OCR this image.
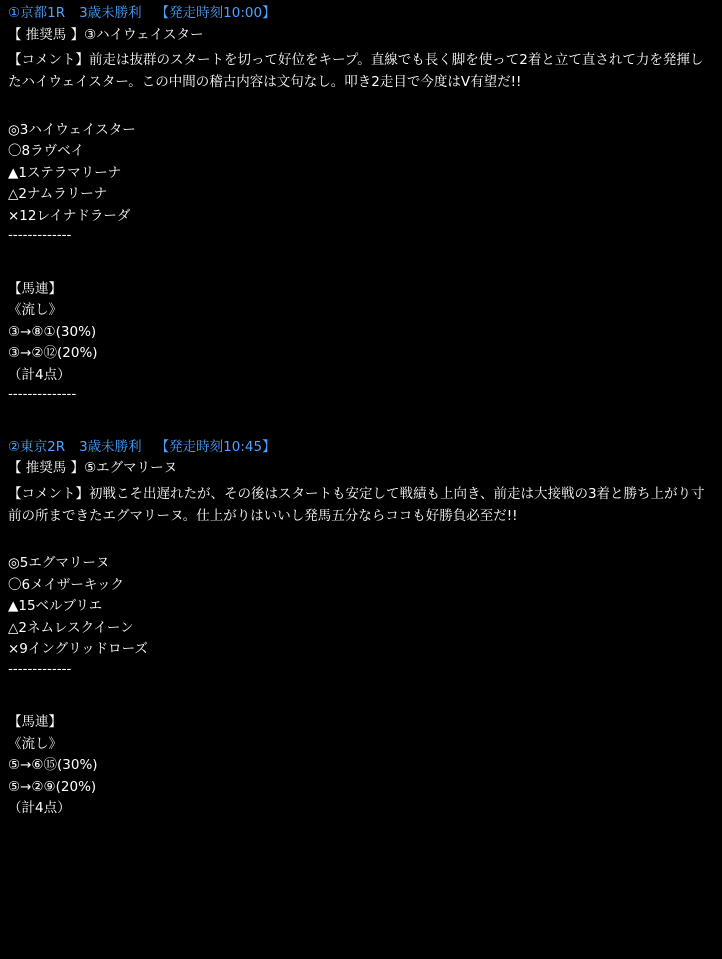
①京都1R 3歳未勝利 【発走時刻10:00】
【 推奨馬 】③ハイウェイスター
【コメント】前走は抜群のスタートを切って好位をキープ。直線でも長く脚を使って2着と立て直されて力を発揮したハイウェイスター。この中間の稽古内容は文句なし。叩き2走目で今度はV有望だ!!
◎3ハイウェイスター
〇8ラヴベイ
▲1ステラマリーナ
△2ナムラリーナ
×12レイナドラーダ
-------------
【馬連】
《流し》
③→⑧①(30%)
③→②⑫(20%)
（計4点）
--------------
②東京2R 3歳未勝利 【発走時刻10:45】
【 推奨馬 】⑤エグマリーヌ
【コメント】初戦こそ出遅れたが、その後はスタートも安定して戦績も上向き、前走は大接戦の3着と勝ち上がり寸前の所まできたエグマリーヌ。仕上がりはいいし発馬五分ならココも好勝負必至だ!!
◎5エグマリーヌ
〇6メイザーキック
▲15ベルブリエ
△2ネムレスクイーン
×9イングリッドローズ
-------------
【馬連】
《流し》
⑤→⑥⑮(30%)
⑤→②⑨(20%)
（計4点）
